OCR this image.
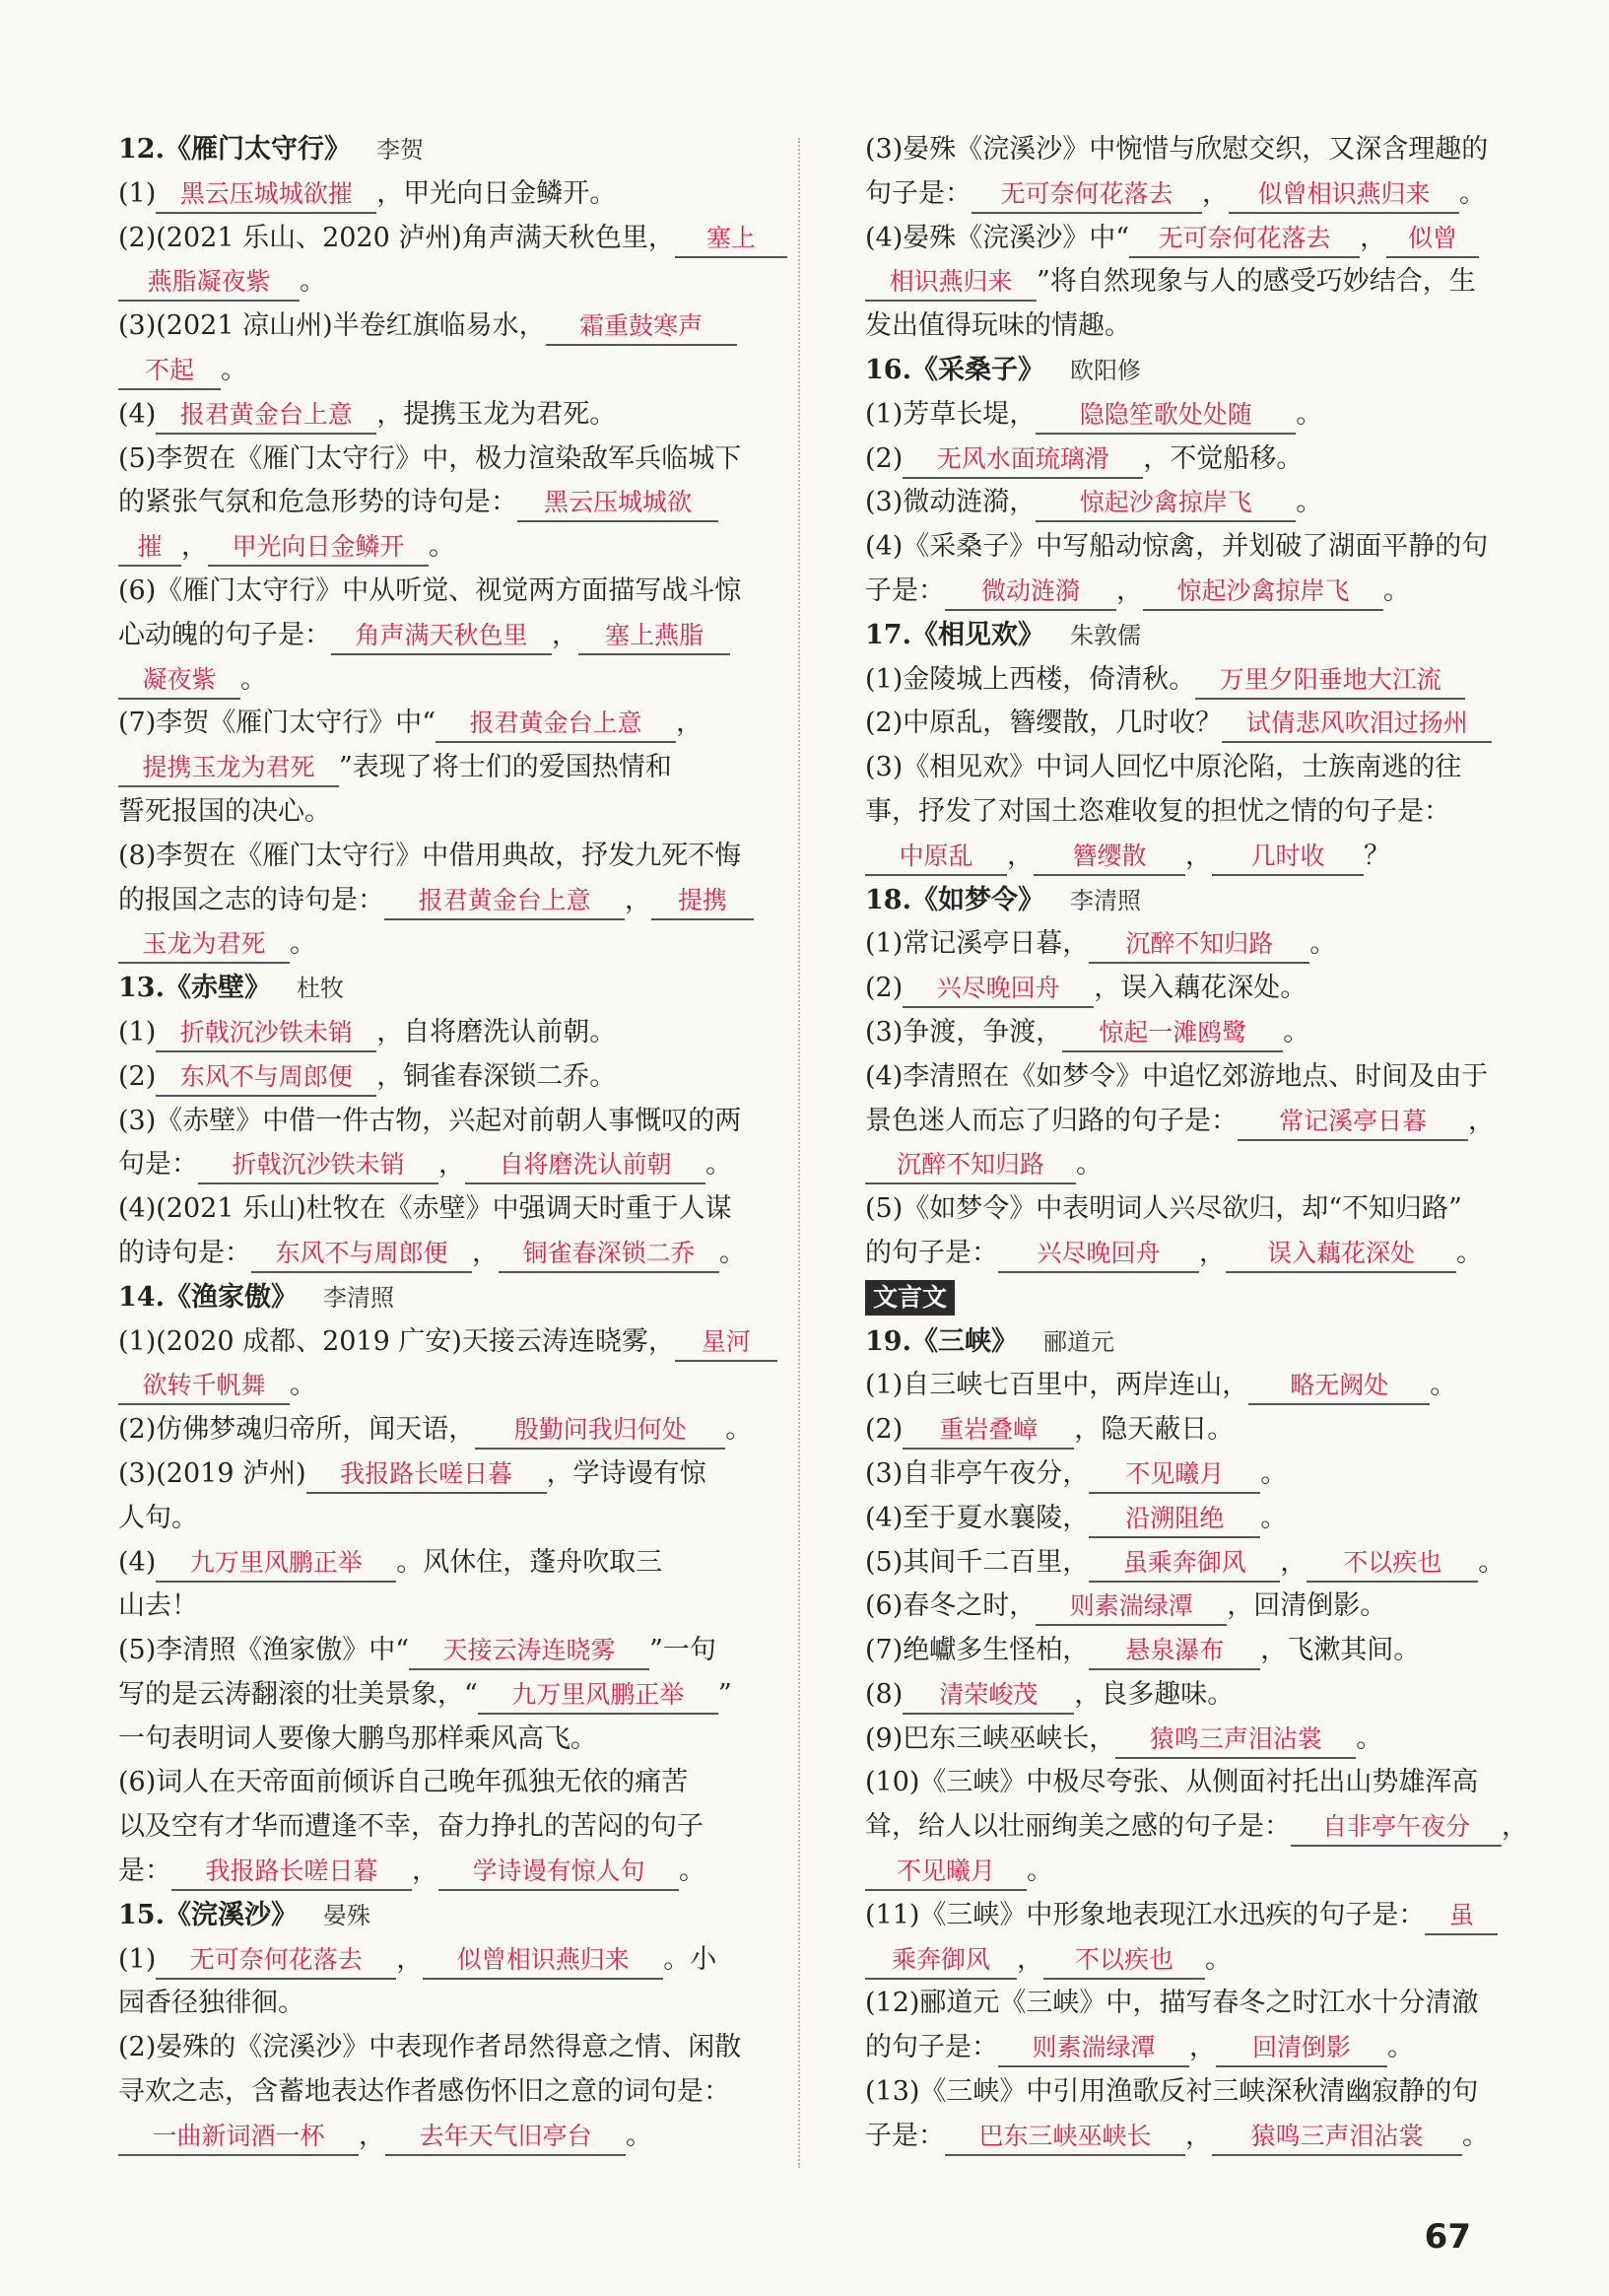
12.《雁门太守行》 李贺
(1) 黑云压城城欲摧 ，甲光向日金鳞开。
(2)(2021 乐山、2020 泸州)角声满天秋色里， 塞上
燕脂凝夜紫 。
(3)(2021 凉山州)半卷红旗临易水， 霜重鼓寒声
不起 。
(4) 报君黄金台上意 ，提携玉龙为君死。
(5)李贺在《雁门太守行》中，极力渲染敌军兵临城下
的紧张气氛和危急形势的诗句是： 黑云压城城欲
摧 ， 甲光向日金鳞开 。
(6)《雁门太守行》中从听觉、视觉两方面描写战斗惊
心动魄的句子是： 角声满天秋色里 ， 塞上燕脂
凝夜紫 。
(7)李贺《雁门太守行》中“ 报君黄金台上意 ，
提携玉龙为君死 ”表现了将士们的爱国热情和
誓死报国的决心。
(8)李贺在《雁门太守行》中借用典故，抒发九死不悔
的报国之志的诗句是： 报君黄金台上意 ， 提携
玉龙为君死 。
13.《赤壁》 杜牧
(1) 折戟沉沙铁未销 ，自将磨洗认前朝。
(2) 东风不与周郎便 ，铜雀春深锁二乔。
(3)《赤壁》中借一件古物，兴起对前朝人事慨叹的两
句是： 折戟沉沙铁未销 ， 自将磨洗认前朝 。
(4)(2021 乐山)杜牧在《赤壁》中强调天时重于人谋
的诗句是： 东风不与周郎便 ， 铜雀春深锁二乔 。
14.《渔家傲》 李清照
(1)(2020 成都、2019 广安)天接云涛连晓雾， 星河
欲转千帆舞 。
(2)仿佛梦魂归帝所，闻天语， 殷勤问我归何处 。
(3)(2019 泸州) 我报路长嗟日暮 ，学诗谩有惊
人句。
(4) 九万里风鹏正举 。风休住，蓬舟吹取三
山去！
(5)李清照《渔家傲》中“ 天接云涛连晓雾 ”一句
写的是云涛翻滚的壮美景象，“ 九万里风鹏正举 ”
一句表明词人要像大鹏鸟那样乘风高飞。
(6)词人在天帝面前倾诉自己晚年孤独无依的痛苦
以及空有才华而遭逢不幸，奋力挣扎的苦闷的句子
是： 我报路长嗟日暮 ， 学诗谩有惊人句 。
15.《浣溪沙》 晏殊
(1) 无可奈何花落去 ， 似曾相识燕归来 。小
园香径独徘徊。
(2)晏殊的《浣溪沙》中表现作者昂然得意之情、闲散
寻欢之志，含蓄地表达作者感伤怀旧之意的词句是：
一曲新词酒一杯 ， 去年天气旧亭台 。
(3)晏殊《浣溪沙》中惋惜与欣慰交织，又深含理趣的
句子是： 无可奈何花落去 ， 似曾相识燕归来 。
(4)晏殊《浣溪沙》中“ 无可奈何花落去 ， 似曾
相识燕归来 ”将自然现象与人的感受巧妙结合，生
发出值得玩味的情趣。
16.《采桑子》 欧阳修
(1)芳草长堤， 隐隐笙歌处处随 。
(2) 无风水面琉璃滑 ，不觉船移。
(3)微动涟漪， 惊起沙禽掠岸飞 。
(4)《采桑子》中写船动惊禽，并划破了湖面平静的句
子是： 微动涟漪 ， 惊起沙禽掠岸飞 。
17.《相见欢》 朱敦儒
(1)金陵城上西楼，倚清秋。 万里夕阳垂地大江流
(2)中原乱，簪缨散，几时收？ 试倩悲风吹泪过扬州
(3)《相见欢》中词人回忆中原沦陷，士族南逃的往
事，抒发了对国土恣难收复的担忧之情的句子是：
中原乱 ， 簪缨散 ， 几时收 ？
18.《如梦令》 李清照
(1)常记溪亭日暮， 沉醉不知归路 。
(2) 兴尽晚回舟 ，误入藕花深处。
(3)争渡，争渡， 惊起一滩鸥鹭 。
(4)李清照在《如梦令》中追忆郊游地点、时间及由于
景色迷人而忘了归路的句子是： 常记溪亭日暮 ，
沉醉不知归路 。
(5)《如梦令》中表明词人兴尽欲归，却“不知归路”
的句子是： 兴尽晚回舟 ， 误入藕花深处 。
文言文
19.《三峡》 郦道元
(1)自三峡七百里中，两岸连山， 略无阙处 。
(2) 重岩叠嶂 ，隐天蔽日。
(3)自非亭午夜分， 不见曦月 。
(4)至于夏水襄陵， 沿溯阻绝 。
(5)其间千二百里， 虽乘奔御风 ， 不以疾也 。
(6)春冬之时， 则素湍绿潭 ，回清倒影。
(7)绝巘多生怪柏， 悬泉瀑布 ，飞漱其间。
(8) 清荣峻茂 ，良多趣味。
(9)巴东三峡巫峡长， 猿鸣三声泪沾裳 。
(10)《三峡》中极尽夸张、从侧面衬托出山势雄浑高
耸，给人以壮丽绚美之感的句子是： 自非亭午夜分 ，
不见曦月 。
(11)《三峡》中形象地表现江水迅疾的句子是： 虽
乘奔御风 ， 不以疾也 。
(12)郦道元《三峡》中，描写春冬之时江水十分清澈
的句子是： 则素湍绿潭 ， 回清倒影 。
(13)《三峡》中引用渔歌反衬三峡深秋清幽寂静的句
子是： 巴东三峡巫峡长 ， 猿鸣三声泪沾裳 。
67
